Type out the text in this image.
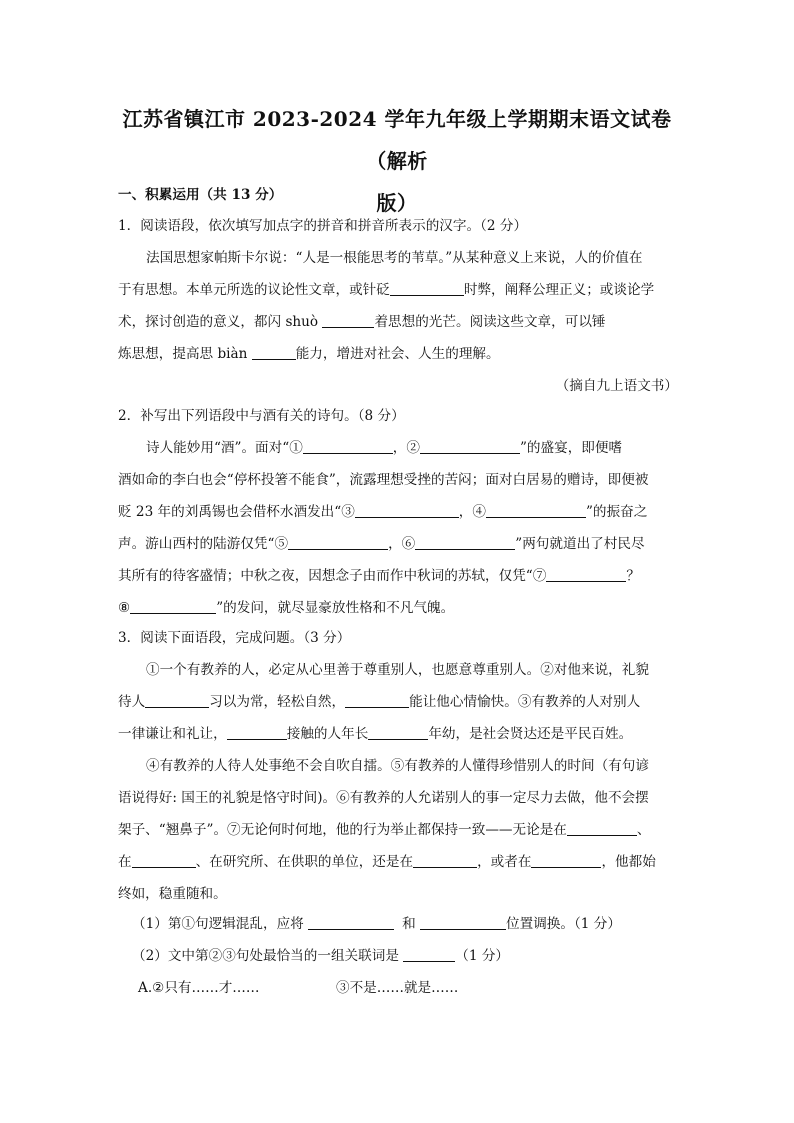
江苏省镇江市 2023-2024 学年九年级上学期期末语文试卷（解析
版）
一、积累运用（共 13 分）
1．阅读语段，依次填写加点字的拼音和拼音所表示的汉字。（2 分）
法国思想家帕斯卡尔说：“人是一根能思考的苇草。”从某种意义上来说，人的价值在
于有思想。本单元所选的议论性文章，或针砭	时弊，阐释公理正义；或谈论学
术，探讨创造的意义，都闪 shuò	着思想的光芒。阅读这些文章，可以锤
炼思想，提高思 biàn	能力，增进对社会、人生的理解。
（摘自九上语文书）
2．补写出下列语段中与酒有关的诗句。（8 分）
诗人能妙用“酒”。面对“①	，②	”的盛宴，即便嗜
酒如命的李白也会“停杯投箸不能食”，流露理想受挫的苦闷；面对白居易的赠诗，即便被
贬 23 年的刘禹锡也会借杯水酒发出“③	，④	”的振奋之
声。游山西村的陆游仅凭“⑤	，⑥	”两句就道出了村民尽
其所有的待客盛情；中秋之夜，因想念子由而作中秋词的苏轼，仅凭“⑦	？
⑧	”的发问，就尽显豪放性格和不凡气魄。
3．阅读下面语段，完成问题。（3 分）
①一个有教养的人，必定从心里善于尊重别人，也愿意尊重别人。②对他来说，礼貌
待人	习以为常，轻松自然，	能让他心情愉快。③有教养的人对别人
一律谦让和礼让，	接触的人年长	年幼，是社会贤达还是平民百姓。
④有教养的人待人处事绝不会自吹自擂。⑤有教养的人懂得珍惜别人的时间（有句谚
语说得好: 国王的礼貌是恪守时间)。⑥有教养的人允诺别人的事一定尽力去做，他不会摆
架子、“翘鼻子”。⑦无论何时何地，他的行为举止都保持一致——无论是在	、
在	、在研究所、在供职的单位，还是在	，或者在	，他都始
终如，稳重随和。
（1）第①句逻辑混乱，应将	和	位置调换。（1 分）
（2）文中第②③句处最恰当的一组关联词是	（1 分）
A.②只有……才……	③不是……就是……
